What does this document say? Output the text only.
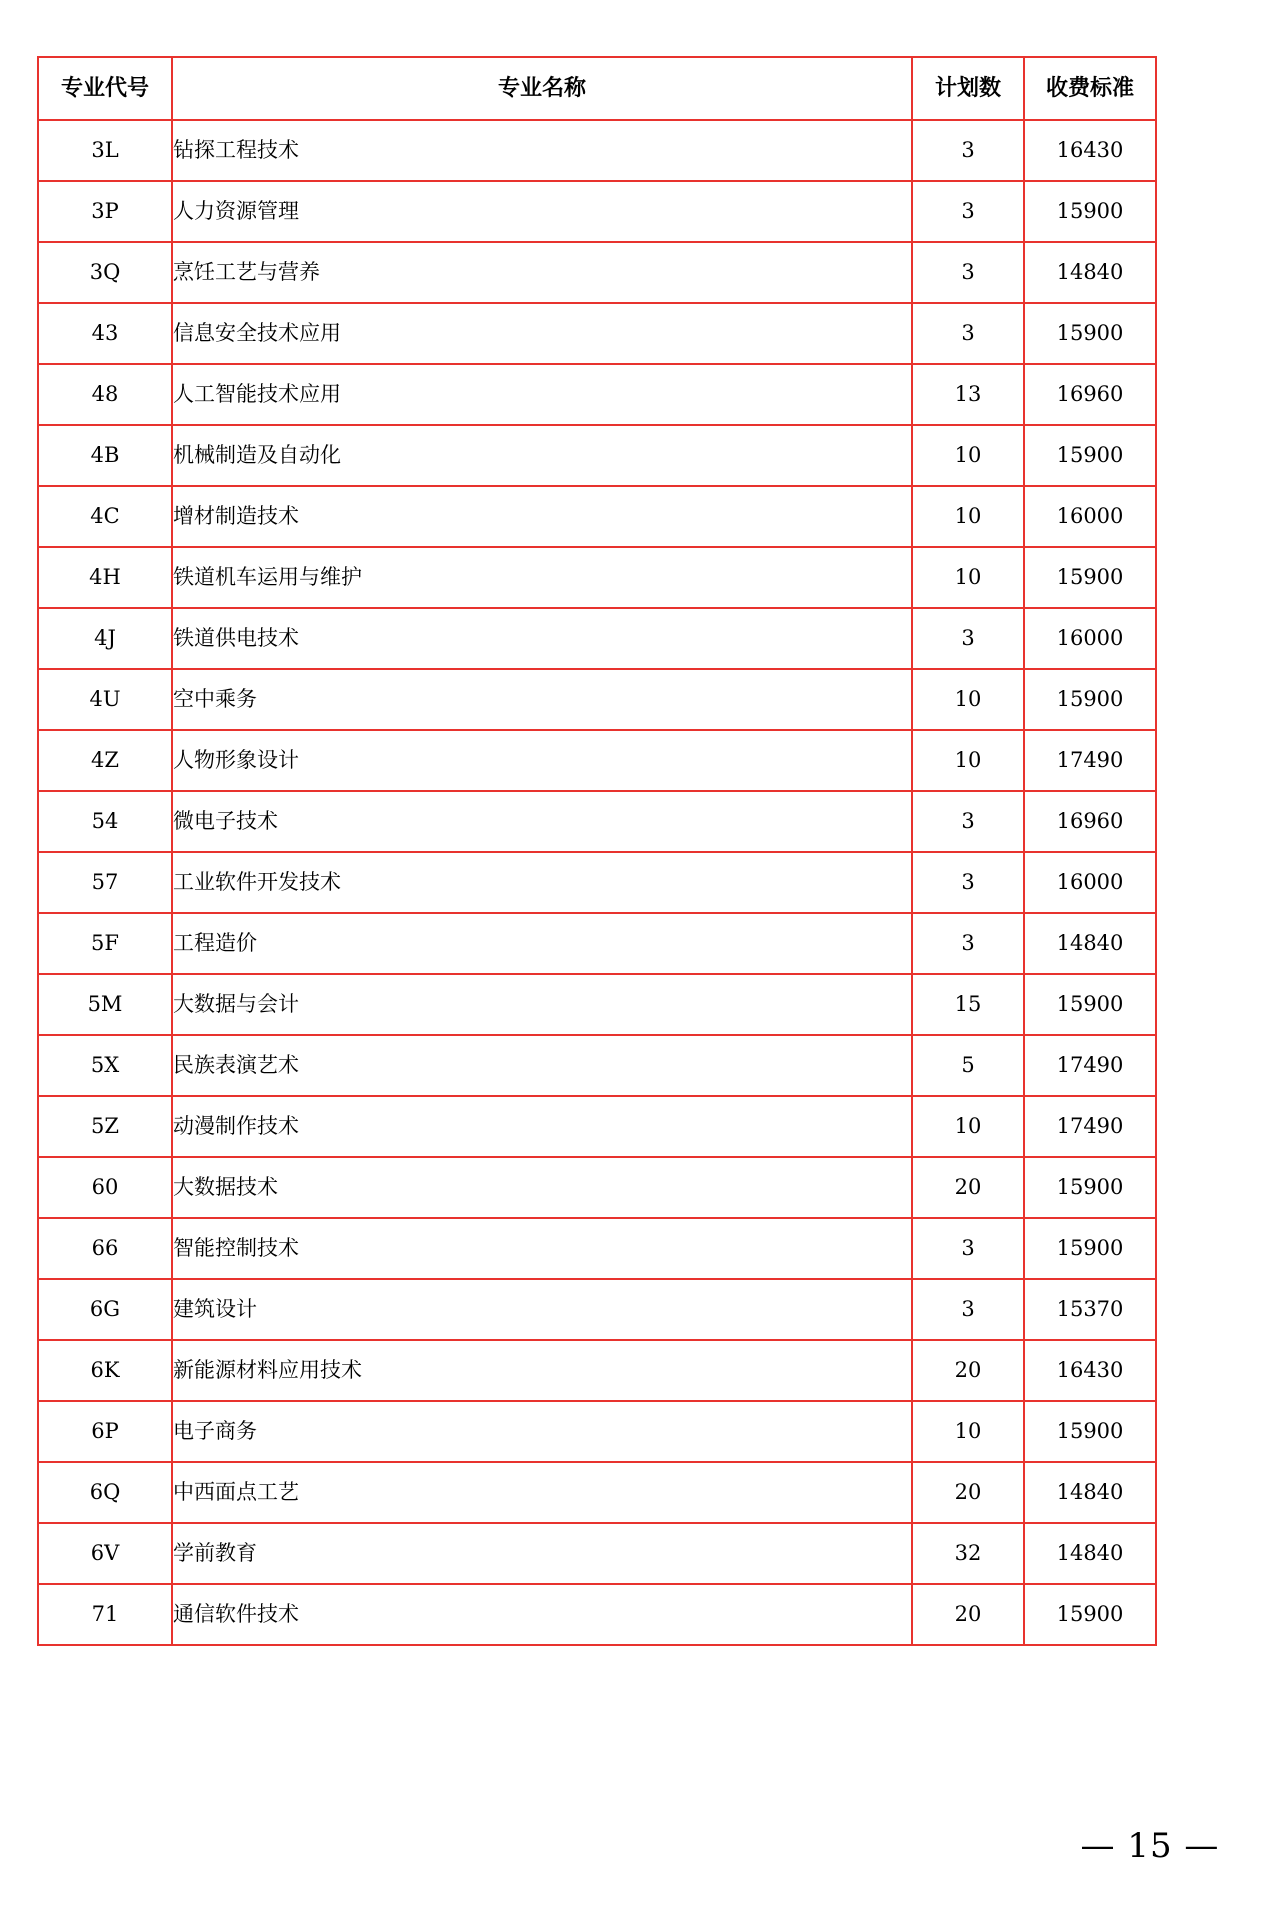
专业代号	专业名称	计划数	收费标准
3L	钻探工程技术	3	16430
3P	人力资源管理	3	15900
3Q	烹饪工艺与营养	3	14840
43	信息安全技术应用	3	15900
48	人工智能技术应用	13	16960
4B	机械制造及自动化	10	15900
4C	增材制造技术	10	16000
4H	铁道机车运用与维护	10	15900
4J	铁道供电技术	3	16000
4U	空中乘务	10	15900
4Z	人物形象设计	10	17490
54	微电子技术	3	16960
57	工业软件开发技术	3	16000
5F	工程造价	3	14840
5M	大数据与会计	15	15900
5X	民族表演艺术	5	17490
5Z	动漫制作技术	10	17490
60	大数据技术	20	15900
66	智能控制技术	3	15900
6G	建筑设计	3	15370
6K	新能源材料应用技术	20	16430
6P	电子商务	10	15900
6Q	中西面点工艺	20	14840
6V	学前教育	32	14840
71	通信软件技术	20	15900
— 15 —
